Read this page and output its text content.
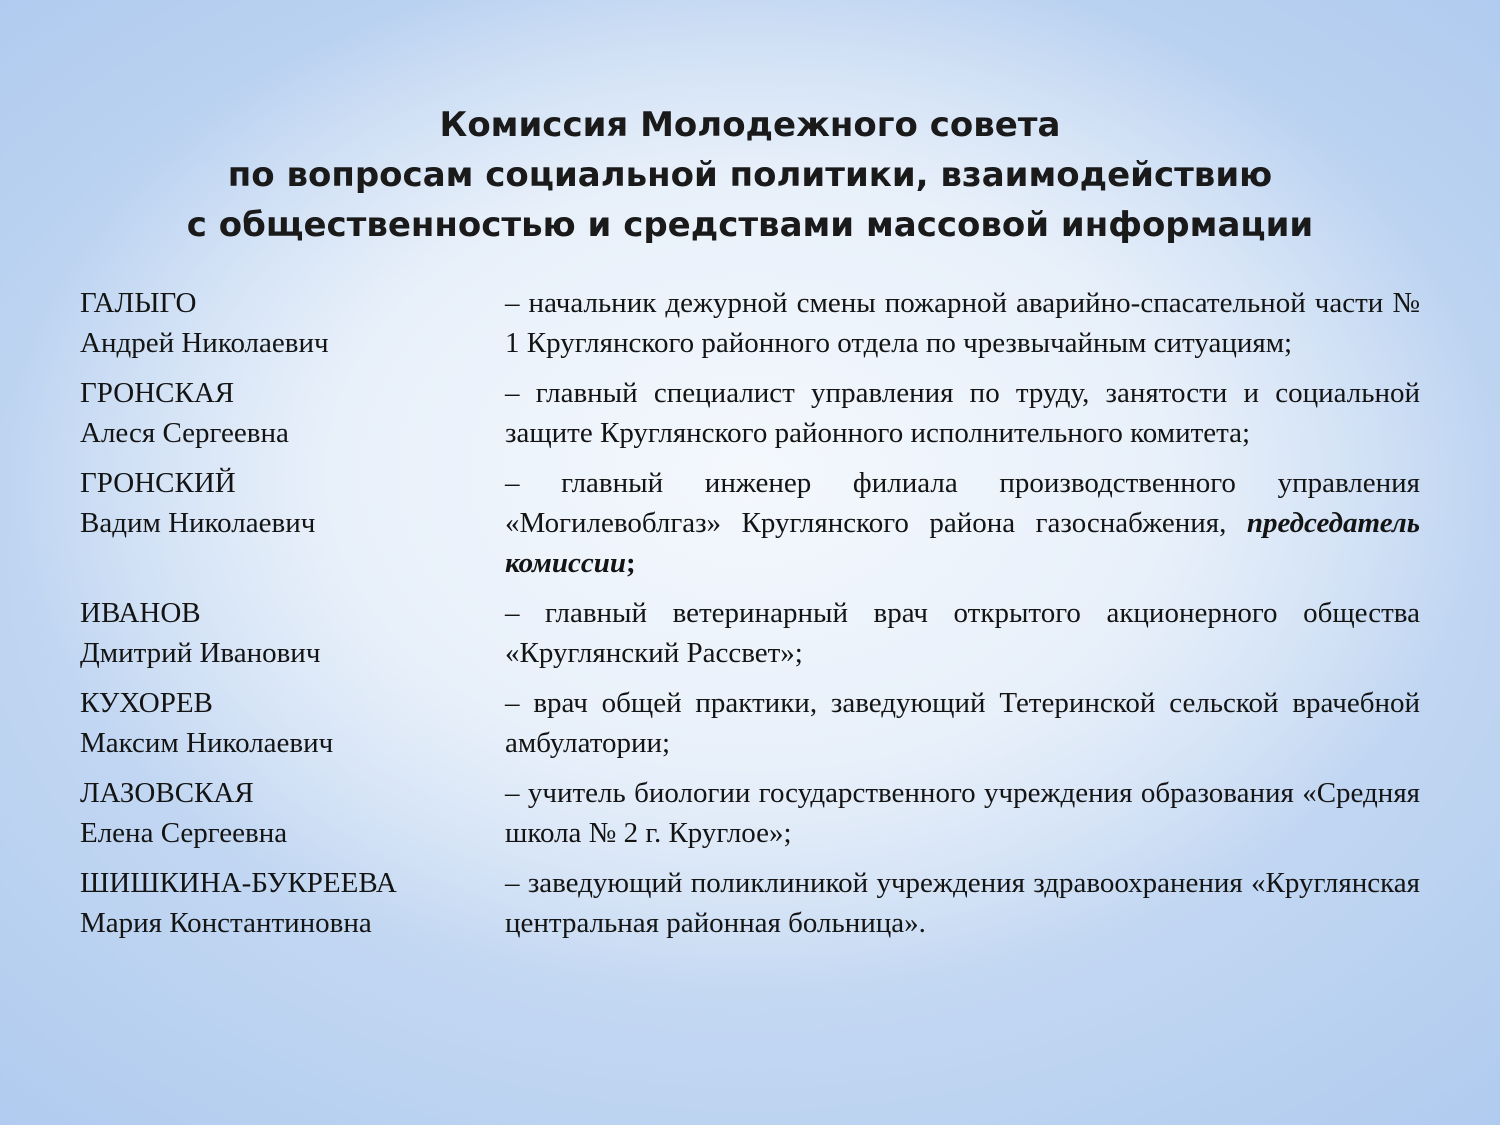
Комиссия Молодежного совета
по вопросам социальной политики, взаимодействию
с общественностью и средствами массовой информации
ГАЛЫГО
Андрей Николаевич
– начальник дежурной смены пожарной аварийно-спасательной части № 1 Круглянского районного отдела по чрезвычайным ситуациям;
ГРОНСКАЯ
Алеся Сергеевна
– главный специалист управления по труду, занятости и социальной защите Круглянского районного исполнительного комитета;
ГРОНСКИЙ
Вадим Николаевич
– главный инженер филиала производственного управления «Могилевоблгаз» Круглянского района газоснабжения, председатель комиссии;
ИВАНОВ
Дмитрий Иванович
– главный ветеринарный врач открытого акционерного общества «Круглянский Рассвет»;
КУХОРЕВ
Максим Николаевич
– врач общей практики, заведующий Тетеринской сельской врачебной амбулатории;
ЛАЗОВСКАЯ
Елена Сергеевна
– учитель биологии государственного учреждения образования «Средняя школа № 2 г. Круглое»;
ШИШКИНА-БУКРЕЕВА
Мария Константиновна
– заведующий поликлиникой учреждения здравоохранения «Круглянская центральная районная больница».
